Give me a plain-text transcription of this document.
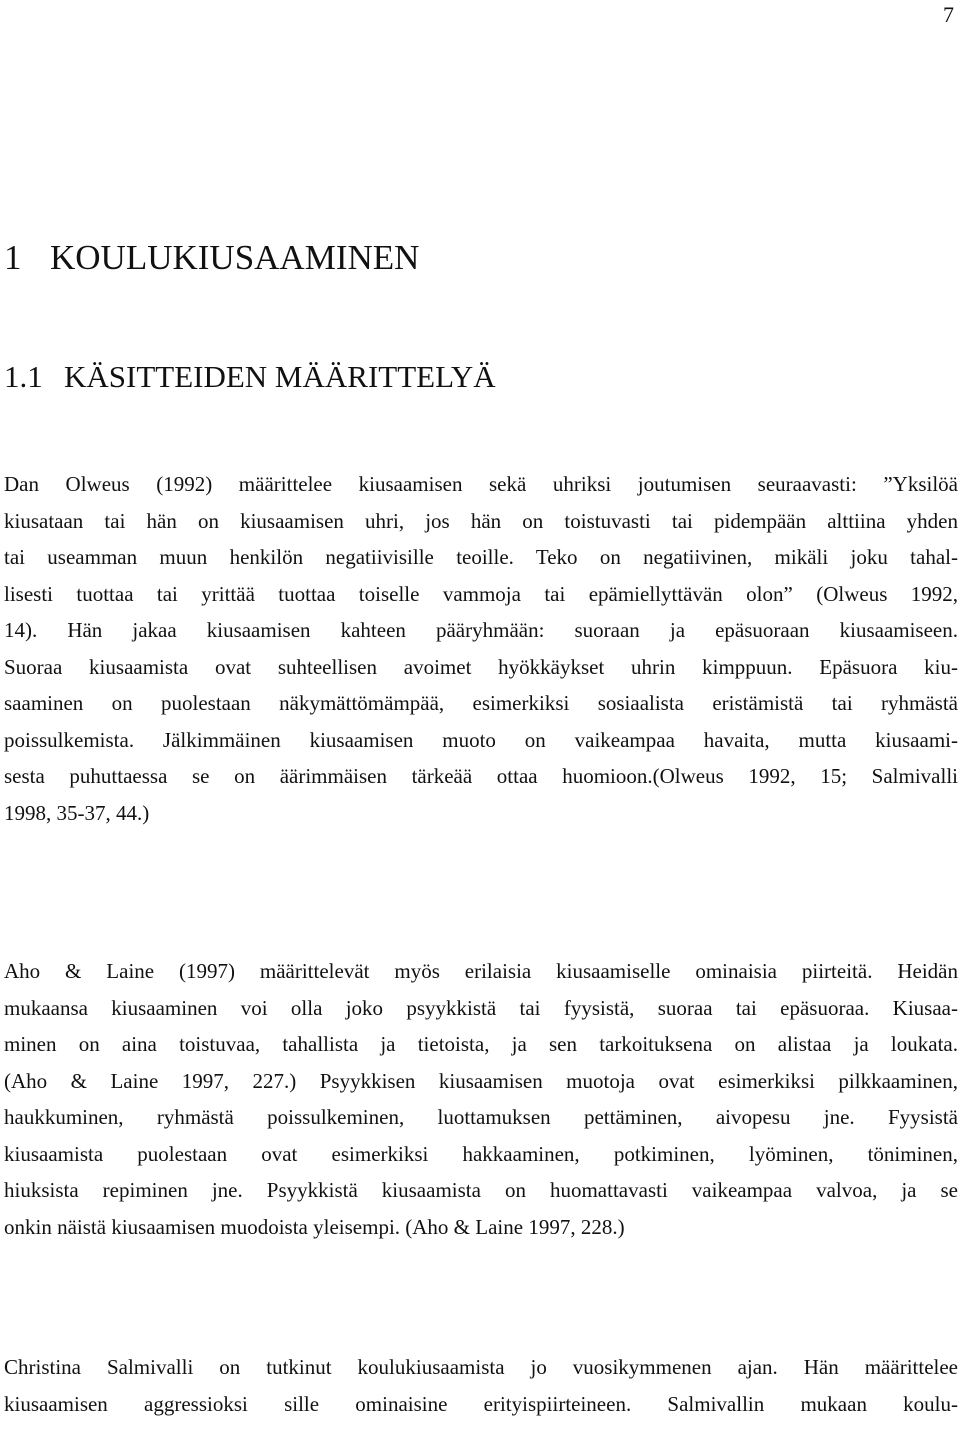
7
1 KOULUKIUSAAMINEN
1.1 KÄSITTEIDEN MÄÄRITTELYÄ
Dan Olweus (1992) määrittelee kiusaamisen sekä uhriksi joutumisen seuraavasti: ”Yksilöä
kiusataan tai hän on kiusaamisen uhri, jos hän on toistuvasti tai pidempään alttiina yhden
tai useamman muun henkilön negatiivisille teoille. Teko on negatiivinen, mikäli joku tahal-
lisesti tuottaa tai yrittää tuottaa toiselle vammoja tai epämiellyttävän olon” (Olweus 1992,
14). Hän jakaa kiusaamisen kahteen pääryhmään: suoraan ja epäsuoraan kiusaamiseen.
Suoraa kiusaamista ovat suhteellisen avoimet hyökkäykset uhrin kimppuun. Epäsuora kiu-
saaminen on puolestaan näkymättömämpää, esimerkiksi sosiaalista eristämistä tai ryhmästä
poissulkemista. Jälkimmäinen kiusaamisen muoto on vaikeampaa havaita, mutta kiusaami-
sesta puhuttaessa se on äärimmäisen tärkeää ottaa huomioon.(Olweus 1992, 15; Salmivalli
1998, 35-37, 44.)
Aho & Laine (1997) määrittelevät myös erilaisia kiusaamiselle ominaisia piirteitä. Heidän
mukaansa kiusaaminen voi olla joko psyykkistä tai fyysistä, suoraa tai epäsuoraa. Kiusaa-
minen on aina toistuvaa, tahallista ja tietoista, ja sen tarkoituksena on alistaa ja loukata.
(Aho & Laine 1997, 227.) Psyykkisen kiusaamisen muotoja ovat esimerkiksi pilkkaaminen,
haukkuminen, ryhmästä poissulkeminen, luottamuksen pettäminen, aivopesu jne. Fyysistä
kiusaamista puolestaan ovat esimerkiksi hakkaaminen, potkiminen, lyöminen, töniminen,
hiuksista repiminen jne. Psyykkistä kiusaamista on huomattavasti vaikeampaa valvoa, ja se
onkin näistä kiusaamisen muodoista yleisempi. (Aho & Laine 1997, 228.)
Christina Salmivalli on tutkinut koulukiusaamista jo vuosikymmenen ajan. Hän määrittelee
kiusaamisen aggressioksi sille ominaisine erityispiirteineen. Salmivallin mukaan koulu-
